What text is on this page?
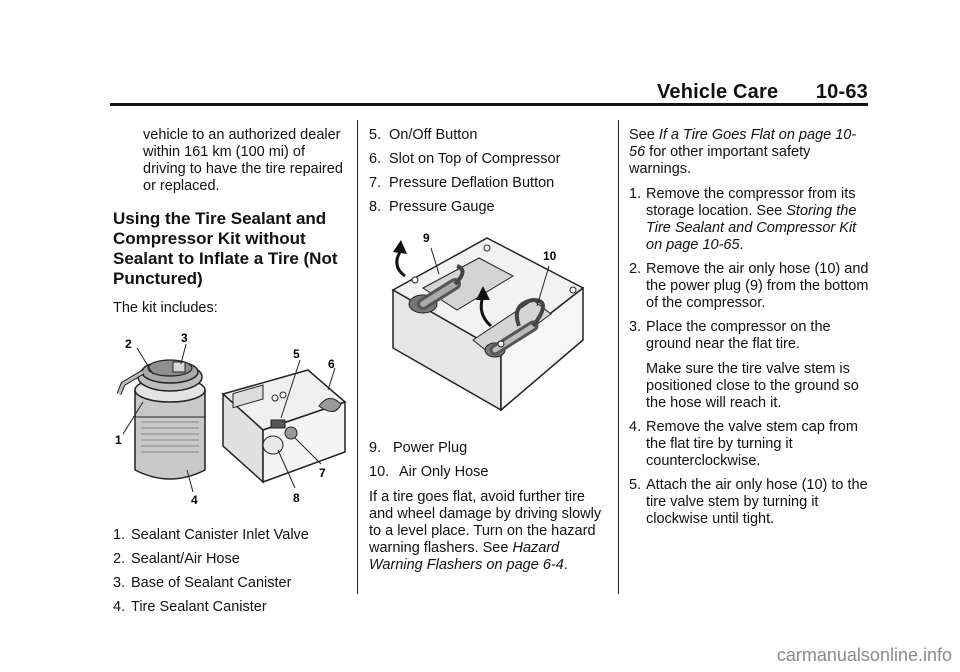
Vehicle Care 10-63

vehicle to an authorized dealer within 161 km (100 mi) of driving to have the tire repaired or replaced.

Using the Tire Sealant and Compressor Kit without Sealant to Inflate a Tire (Not Punctured)

The kit includes:

1
2	3
4
5
6
7
8
1. Sealant Canister Inlet Valve
2. Sealant/Air Hose
3. Base of Sealant Canister
4. Tire Sealant Canister
5. On/Off Button
6. Slot on Top of Compressor
7. Pressure Deflation Button
8. Pressure Gauge
9
10
9. Power Plug
10. Air Only Hose

If a tire goes flat, avoid further tire and wheel damage by driving slowly to a level place. Turn on the hazard warning flashers. See Hazard Warning Flashers on page 6-4.

See If a Tire Goes Flat on page 10-56 for other important safety warnings.

1. Remove the compressor from its storage location. See Storing the Tire Sealant and Compressor Kit on page 10-65.
2. Remove the air only hose (10) and the power plug (9) from the bottom of the compressor.
3. Place the compressor on the ground near the flat tire.
Make sure the tire valve stem is positioned close to the ground so the hose will reach it.
4. Remove the valve stem cap from the flat tire by turning it counterclockwise.
5. Attach the air only hose (10) to the tire valve stem by turning it clockwise until tight.
carmanualsonline.info
